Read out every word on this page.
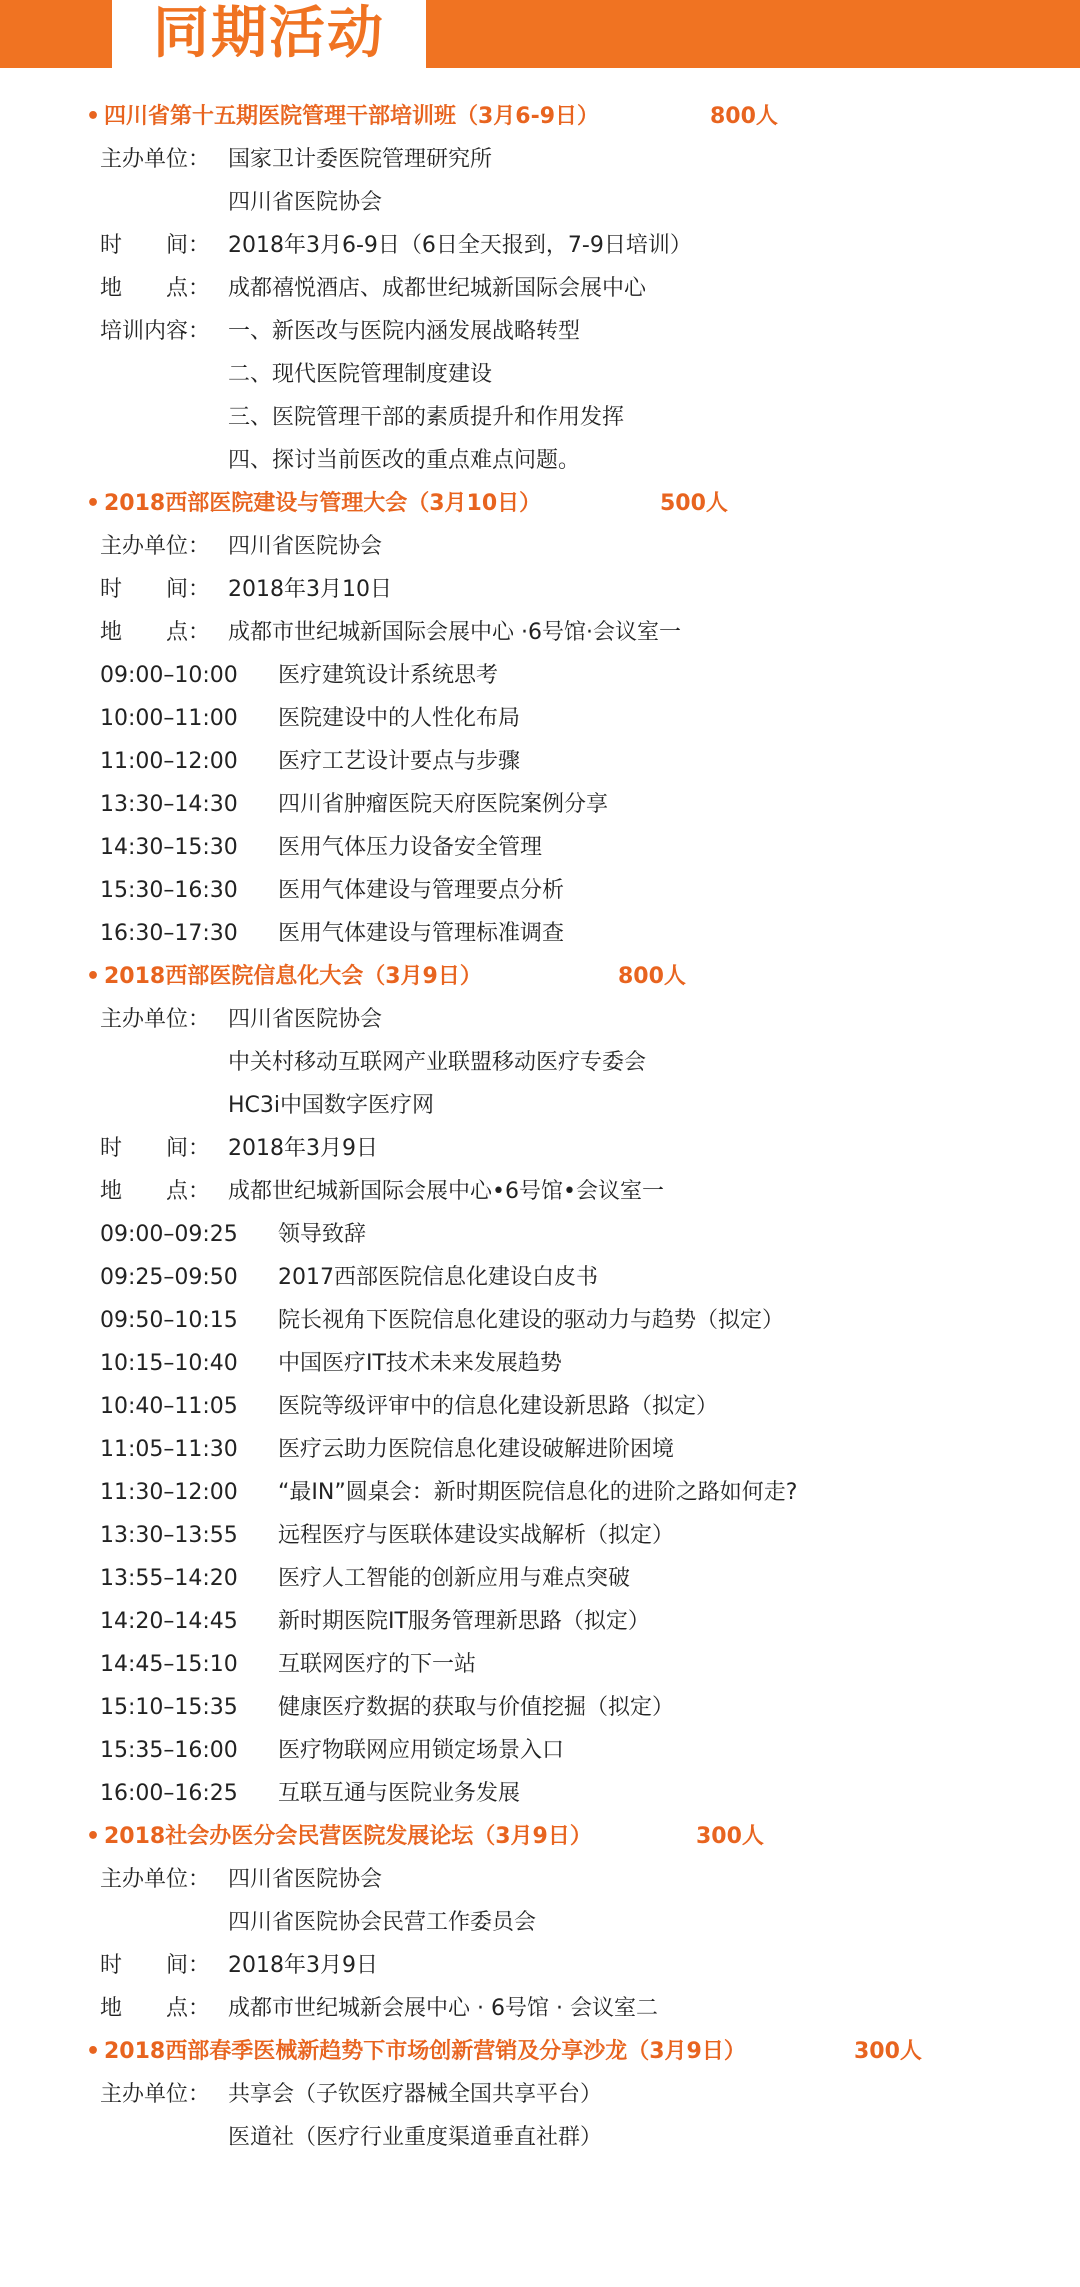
同期活动
• 四川省第十五期医院管理干部培训班（3月6-9日）	800人
主办单位： 国家卫计委医院管理研究所
四川省医院协会
时　　间： 2018年3月6-9日（6日全天报到，7-9日培训）
地　　点： 成都禧悦酒店、成都世纪城新国际会展中心
培训内容： 一、新医改与医院内涵发展战略转型
二、现代医院管理制度建设
三、医院管理干部的素质提升和作用发挥
四、探讨当前医改的重点难点问题。
• 2018西部医院建设与管理大会（3月10日）	500人
主办单位： 四川省医院协会
时　　间： 2018年3月10日
地　　点： 成都市世纪城新国际会展中心 ·6号馆·会议室一
09:00–10:00 医疗建筑设计系统思考
10:00–11:00 医院建设中的人性化布局
11:00–12:00 医疗工艺设计要点与步骤
13:30–14:30 四川省肿瘤医院天府医院案例分享
14:30–15:30 医用气体压力设备安全管理
15:30–16:30 医用气体建设与管理要点分析
16:30–17:30 医用气体建设与管理标准调查
• 2018西部医院信息化大会（3月9日）	800人
主办单位： 四川省医院协会
中关村移动互联网产业联盟移动医疗专委会
HC3i中国数字医疗网
时　　间： 2018年3月9日
地　　点： 成都世纪城新国际会展中心•6号馆•会议室一
09:00–09:25 领导致辞
09:25–09:50 2017西部医院信息化建设白皮书
09:50–10:15 院长视角下医院信息化建设的驱动力与趋势（拟定）
10:15–10:40 中国医疗IT技术未来发展趋势
10:40–11:05 医院等级评审中的信息化建设新思路（拟定）
11:05–11:30 医疗云助力医院信息化建设破解进阶困境
11:30–12:00 “最IN”圆桌会：新时期医院信息化的进阶之路如何走?
13:30–13:55 远程医疗与医联体建设实战解析（拟定）
13:55–14:20 医疗人工智能的创新应用与难点突破
14:20–14:45 新时期医院IT服务管理新思路（拟定）
14:45–15:10 互联网医疗的下一站
15:10–15:35 健康医疗数据的获取与价值挖掘（拟定）
15:35–16:00 医疗物联网应用锁定场景入口
16:00–16:25 互联互通与医院业务发展
• 2018社会办医分会民营医院发展论坛（3月9日）	300人
主办单位： 四川省医院协会
四川省医院协会民营工作委员会
时　　间： 2018年3月9日
地　　点： 成都市世纪城新会展中心 · 6号馆 · 会议室二
• 2018西部春季医械新趋势下市场创新营销及分享沙龙（3月9日）	300人
主办单位： 共享会（子钦医疗器械全国共享平台）
医道社（医疗行业重度渠道垂直社群）
